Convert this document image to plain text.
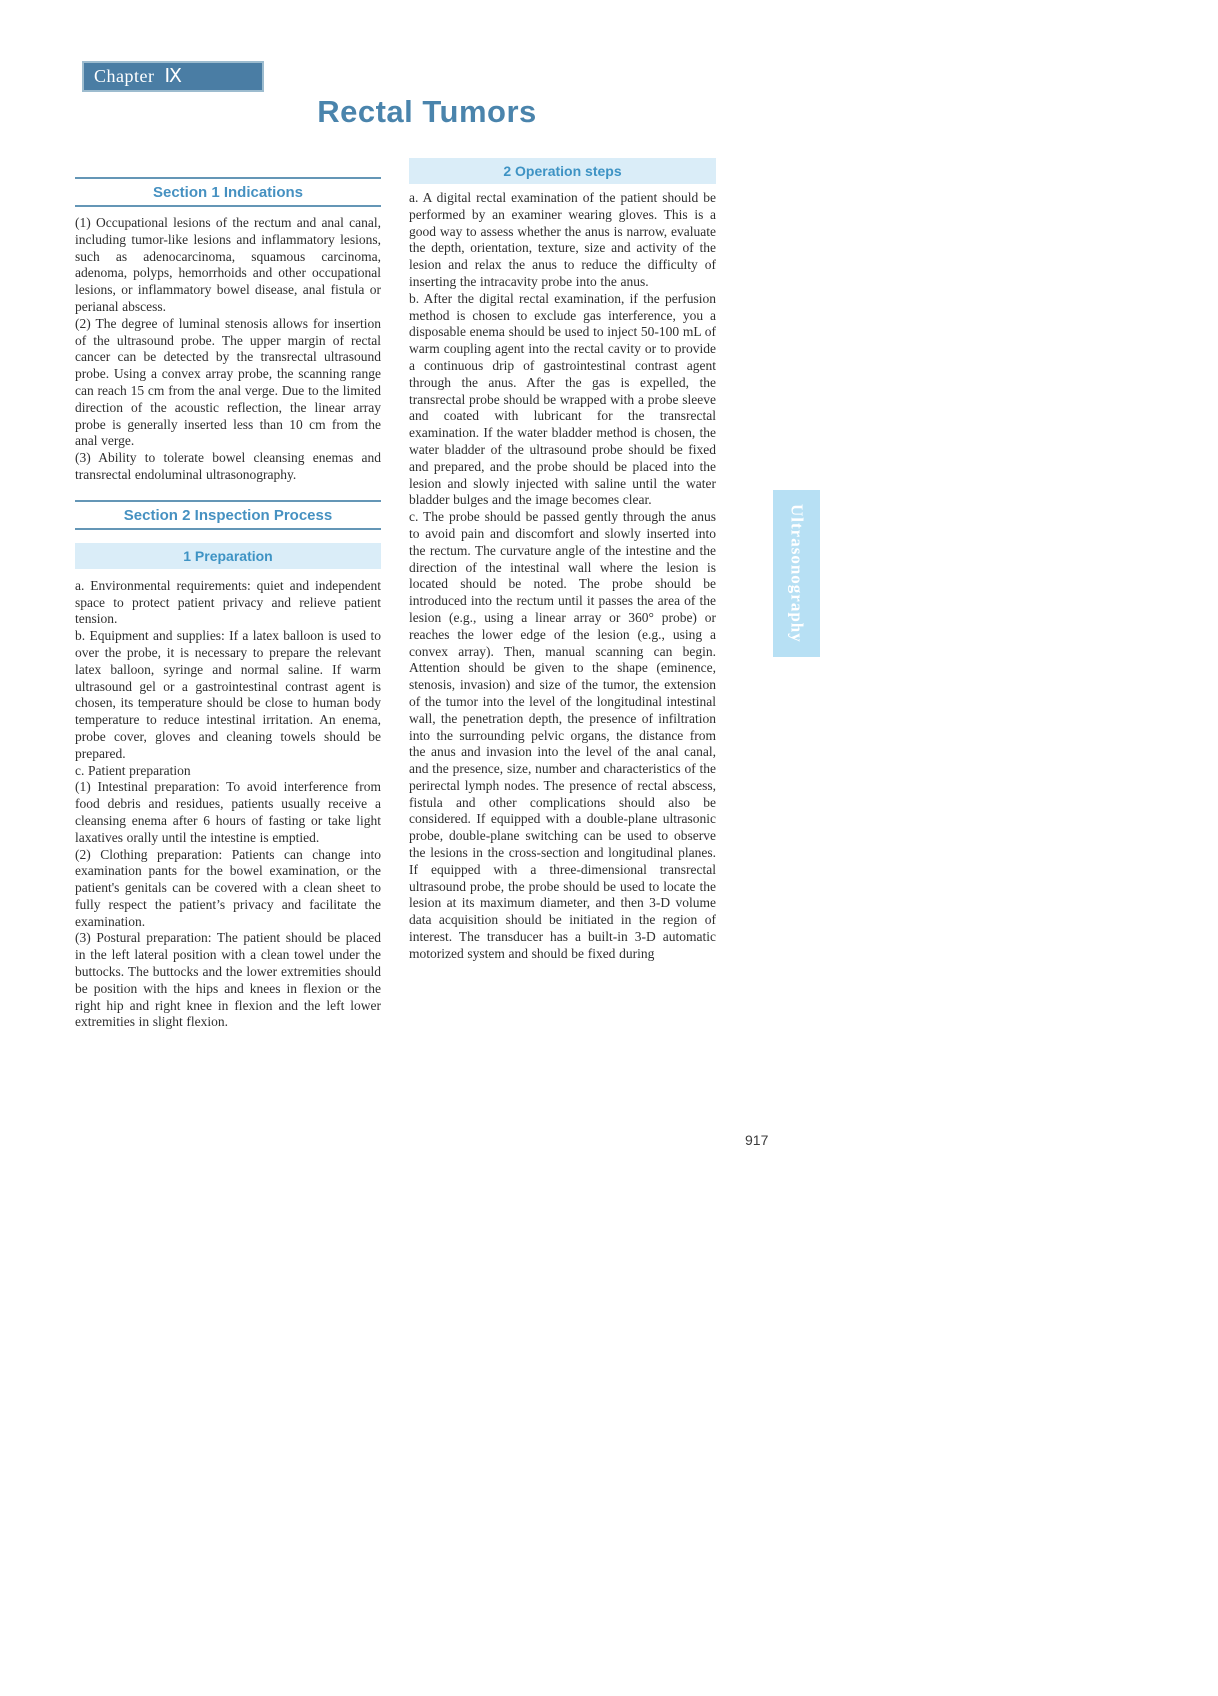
Chapter Ⅸ
Rectal Tumors
Section 1 Indications

(1) Occupational lesions of the rectum and anal canal, including tumor-like lesions and inflammatory lesions, such as adenocarcinoma, squamous carcinoma, adenoma, polyps, hemorrhoids and other occupational lesions, or inflammatory bowel disease, anal fistula or perianal abscess.

(2) The degree of luminal stenosis allows for insertion of the ultrasound probe. The upper margin of rectal cancer can be detected by the transrectal ultrasound probe. Using a convex array probe, the scanning range can reach 15 cm from the anal verge. Due to the limited direction of the acoustic reflection, the linear array probe is generally inserted less than 10 cm from the anal verge.

(3) Ability to tolerate bowel cleansing enemas and transrectal endoluminal ultrasonography.

Section 2 Inspection Process
1 Preparation

a. Environmental requirements: quiet and independent space to protect patient privacy and relieve patient tension.

b. Equipment and supplies: If a latex balloon is used to over the probe, it is necessary to prepare the relevant latex balloon, syringe and normal saline. If warm ultrasound gel or a gastrointestinal contrast agent is chosen, its temperature should be close to human body temperature to reduce intestinal irritation. An enema, probe cover, gloves and cleaning towels should be prepared.

c. Patient preparation

(1) Intestinal preparation: To avoid interference from food debris and residues, patients usually receive a cleansing enema after 6 hours of fasting or take light laxatives orally until the intestine is emptied.

(2) Clothing preparation: Patients can change into examination pants for the bowel examination, or the patient's genitals can be covered with a clean sheet to fully respect the patient’s privacy and facilitate the examination.

(3) Postural preparation: The patient should be placed in the left lateral position with a clean towel under the buttocks. The buttocks and the lower extremities should be position with the hips and knees in flexion or the right hip and right knee in flexion and the left lower extremities in slight flexion.

2 Operation steps

a. A digital rectal examination of the patient should be performed by an examiner wearing gloves. This is a good way to assess whether the anus is narrow, evaluate the depth, orientation, texture, size and activity of the lesion and relax the anus to reduce the difficulty of inserting the intracavity probe into the anus.

b. After the digital rectal examination, if the perfusion method is chosen to exclude gas interference, you a disposable enema should be used to inject 50-100 mL of warm coupling agent into the rectal cavity or to provide a continuous drip of gastrointestinal contrast agent through the anus. After the gas is expelled, the transrectal probe should be wrapped with a probe sleeve and coated with lubricant for the transrectal examination. If the water bladder method is chosen, the water bladder of the ultrasound probe should be fixed and prepared, and the probe should be placed into the lesion and slowly injected with saline until the water bladder bulges and the image becomes clear.

c. The probe should be passed gently through the anus to avoid pain and discomfort and slowly inserted into the rectum. The curvature angle of the intestine and the direction of the intestinal wall where the lesion is located should be noted. The probe should be introduced into the rectum until it passes the area of the lesion (e.g., using a linear array or 360° probe) or reaches the lower edge of the lesion (e.g., using a convex array). Then, manual scanning can begin. Attention should be given to the shape (eminence, stenosis, invasion) and size of the tumor, the extension of the tumor into the level of the longitudinal intestinal wall, the penetration depth, the presence of infiltration into the surrounding pelvic organs, the distance from the anus and invasion into the level of the anal canal, and the presence, size, number and characteristics of the perirectal lymph nodes. The presence of rectal abscess, fistula and other complications should also be considered. If equipped with a double-plane ultrasonic probe, double-plane switching can be used to observe the lesions in the cross-section and longitudinal planes. If equipped with a three-dimensional transrectal ultrasound probe, the probe should be used to locate the lesion at its maximum diameter, and then 3-D volume data acquisition should be initiated in the region of interest. The transducer has a built-in 3-D automatic motorized system and should be fixed during

Ultrasonography
917
